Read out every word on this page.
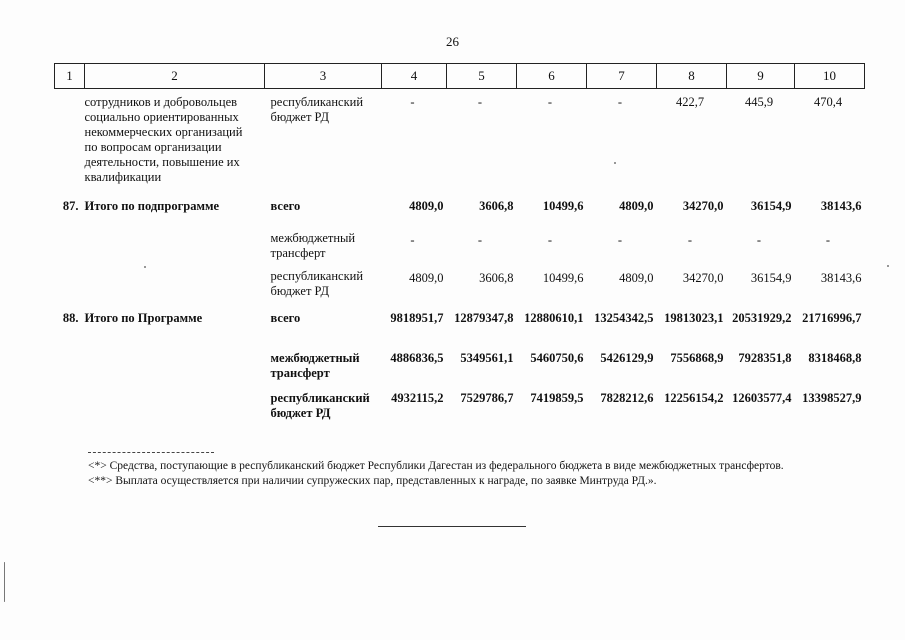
26
1	2	3	4	5	6	7	8	9	10
	сотрудников и добровольцев социально ориентированных некоммерческих организаций по вопросам организации деятельности, повышение их квалификации	республиканский бюджет РД	-	-	-	-	422,7	445,9	470,4
87.	Итого по подпрограмме	всего	4809,0	3606,8	10499,6	4809,0	34270,0	36154,9	38143,6
		межбюджетный трансферт	-	-	-	-	-	-	-
		республиканский бюджет РД	4809,0	3606,8	10499,6	4809,0	34270,0	36154,9	38143,6
88.	Итого по Программе	всего	9818951,7	12879347,8	12880610,1	13254342,5	19813023,1	20531929,2	21716996,7
		межбюджетный трансферт	4886836,5	5349561,1	5460750,6	5426129,9	7556868,9	7928351,8	8318468,8
		республиканский бюджет РД	4932115,2	7529786,7	7419859,5	7828212,6	12256154,2	12603577,4	13398527,9
<*> Средства, поступающие в республиканский бюджет Республики Дагестан из федерального бюджета в виде межбюджетных трансфертов.
<**> Выплата осуществляется при наличии супружеских пар, представленных к награде, по заявке Минтруда РД.».
